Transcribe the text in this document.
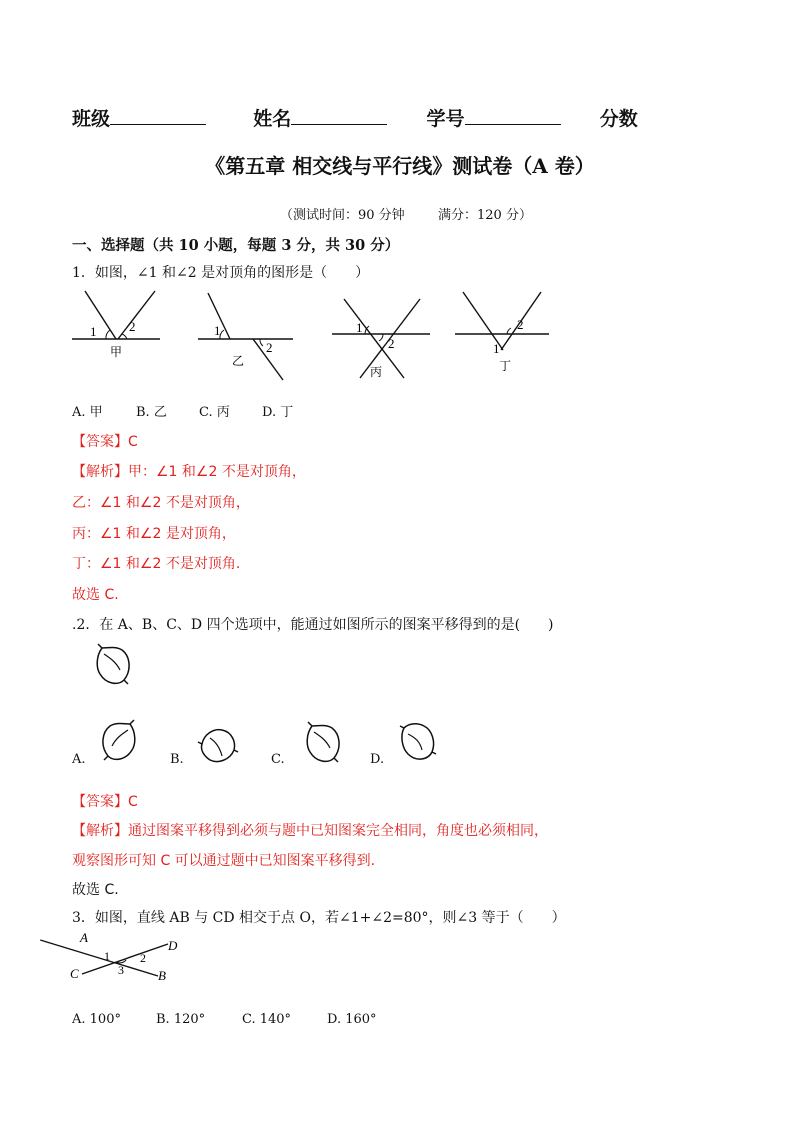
班级	姓名	学号	分数
《第五章 相交线与平行线》测试卷（A 卷）
（测试时间：90 分钟	满分：120 分）
一、选择题（共 10 小题，每题 3 分，共 30 分）
1．如图，∠1 和∠2 是对顶角的图形是（　　）
1	2
甲
1
2
乙
1
2
丙
2
1
丁
A. 甲	B. 乙 C. 丙 D. 丁
【答案】C
【解析】甲：∠1 和∠2 不是对顶角，
乙：∠1 和∠2 不是对顶角，
丙：∠1 和∠2 是对顶角，
丁：∠1 和∠2 不是对顶角.
故选 C.
.2．在 A、B、C、D 四个选项中，能通过如图所示的图案平移得到的是(　　)
A.	B.	C.	D.
【答案】C
【解析】通过图案平移得到必须与题中已知图案完全相同，角度也必须相同，
观察图形可知 C 可以通过题中已知图案平移得到.
故选 C.
3．如图，直线 AB 与 CD 相交于点 O，若∠1+∠2=80°，则∠3 等于（　　）
A
D
C	B
1	2
3
A. 100°	B. 120°	C. 140°	D. 160°
